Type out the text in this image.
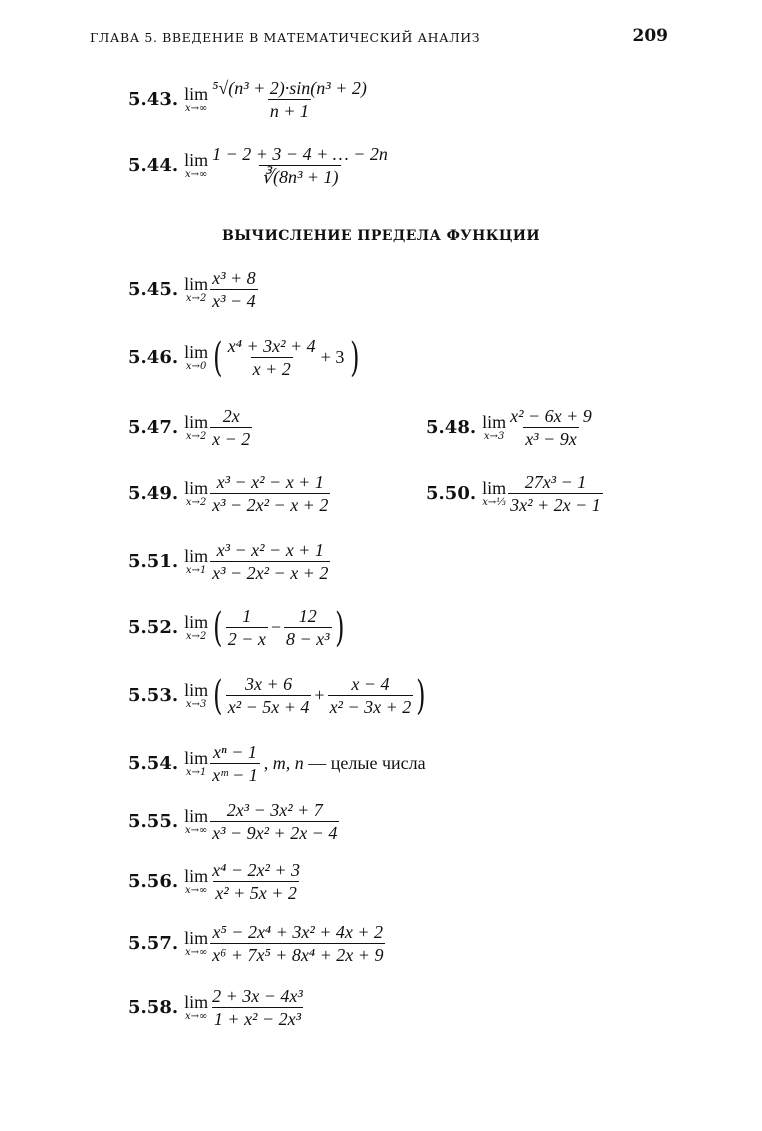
ГЛАВА 5. ВВЕДЕНИЕ В МАТЕМАТИЧЕСКИЙ АНАЛИЗ	209
5.43. lim
$x\to\infty \frac{\text{⁵√(n³ + 2)·sin(n³ + 2)}}{n + 1}$
5.44. lim
$x\to\infty \frac{1 - 2 + 3 - 4 + \dots - 2n}{\text{∛(8n³ + 1)}}$
ВЫЧИСЛЕНИЕ ПРЕДЕЛА ФУНКЦИИ
5.45. lim
$x\to 2 \frac{\text{x³ + 8}}{\text{x³ − 4}}$
5.46. lim
x→0 ( $\frac{\text{x⁴ + 3x² + 4}}{x + 2} + 3$ )
5.47. lim
$x\to 2 \frac{2x}{x - 2}$	5.48. lim
$x\to 3 \frac{\text{x² − 6x + 9}}{\text{x³ − 9x}}$
5.49. lim
$x\to 2 \frac{\text{x³ − x² − x + 1}}{\text{x³ − 2x² − x + 2}}$	5.50. lim
x→⅓ $\frac{\text{27x³ − 1}}{\text{3x² + 2x − 1}}$
5.51. lim
$x\to 1 \frac{\text{x³ − x² − x + 1}}{\text{x³ − 2x² − x + 2}}$
5.52. lim
x→2 ( $\frac{1}{2 - x} - \frac{12}{\text{8 − x³}}$ )
5.53. lim
x→3 ( $\frac{3x + 6}{\text{x² − 5x + 4}} + \frac{x - 4}{\text{x² − 3x + 2}}$ )
5.54. lim
$x\to 1 \frac{\text{xⁿ − 1}}{\text{xᵐ − 1}}$ , m, n — целые числа
5.55. lim
$x\to\infty \frac{\text{2x³ − 3x² + 7}}{\text{x³ − 9x² + 2x − 4}}$
5.56. lim
$x\to\infty \frac{\text{x⁴ − 2x² + 3}}{\text{x² + 5x + 2}}$
5.57. lim
$x\to\infty \frac{\text{x⁵ − 2x⁴ + 3x² + 4x + 2}}{\text{x⁶ + 7x⁵ + 8x⁴ + 2x + 9}}$
5.58. lim
$x\to\infty \frac{\text{2 + 3x − 4x³}}{\text{1 + x² − 2x³}}$
